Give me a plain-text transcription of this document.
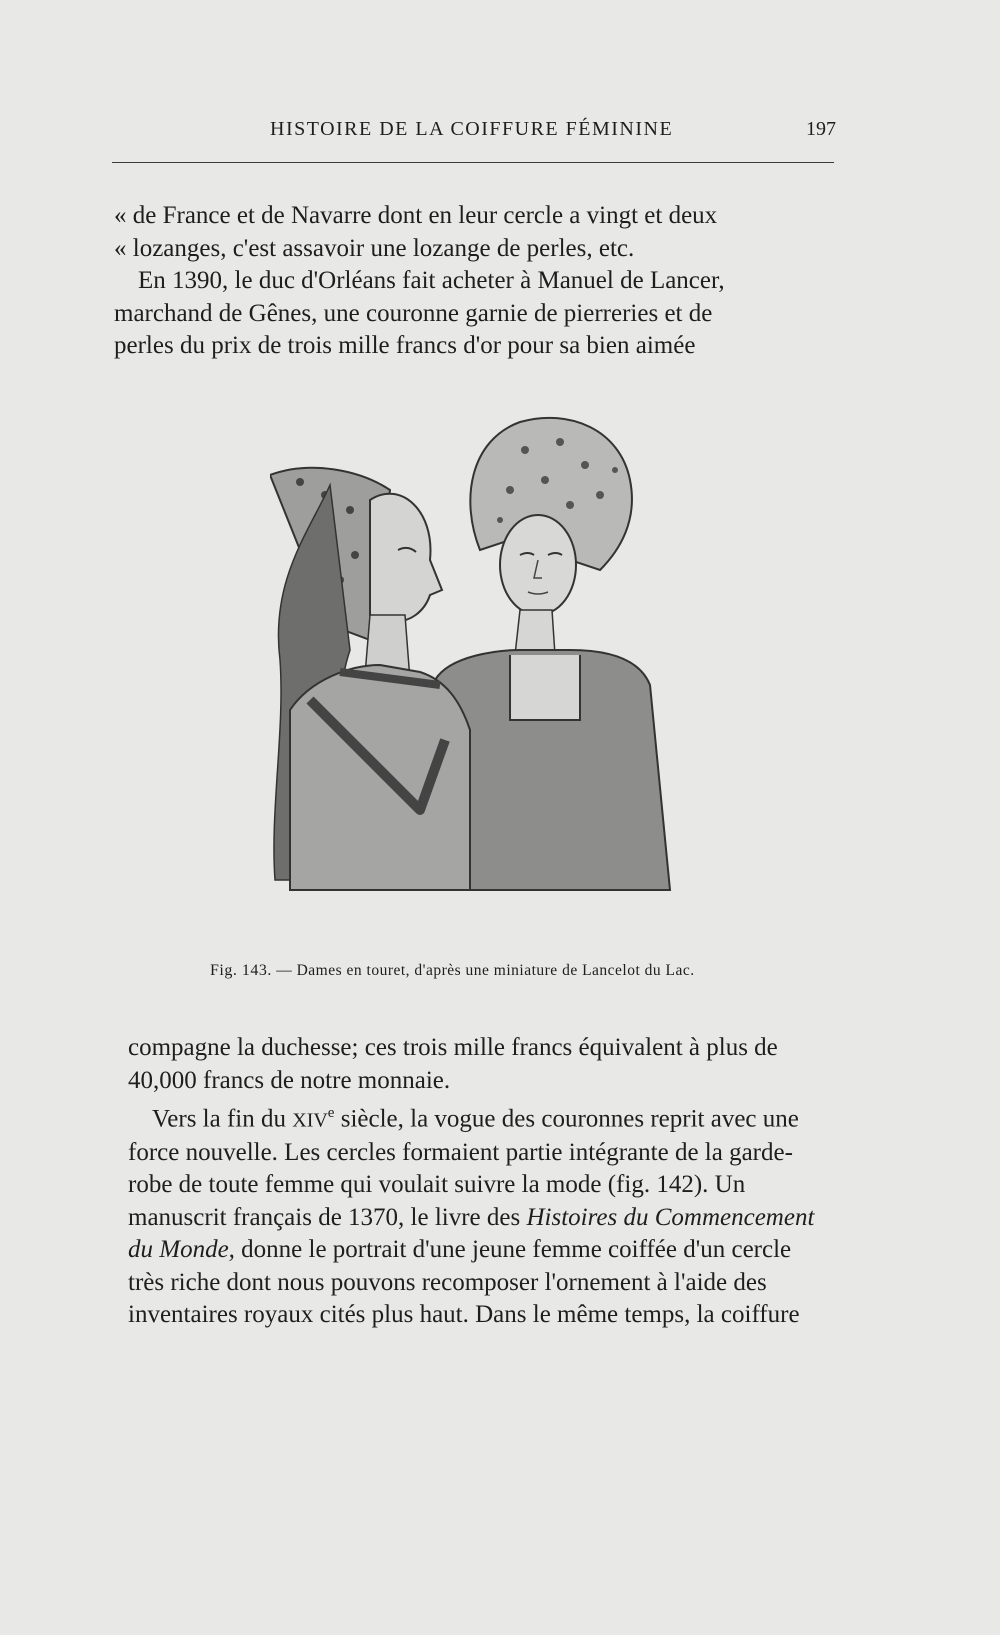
HISTOIRE DE LA COIFFURE FÉMININE	197
« de France et de Navarre dont en leur cercle a vingt et deux
« lozanges, c'est assavoir une lozange de perles, etc.
En 1390, le duc d'Orléans fait acheter à Manuel de Lancer,
marchand de Gênes, une couronne garnie de pierreries et de
perles du prix de trois mille francs d'or pour sa bien aimée
Fig. 143. — Dames en touret, d'après une miniature de Lancelot du Lac.
compagne la duchesse; ces trois mille francs équivalent à plus de
40,000 francs de notre monnaie.
Vers la fin du XIVe siècle, la vogue des couronnes reprit avec une
force nouvelle. Les cercles formaient partie intégrante de la garde-
robe de toute femme qui voulait suivre la mode (fig. 142). Un
manuscrit français de 1370, le livre des Histoires du Commencement
du Monde, donne le portrait d'une jeune femme coiffée d'un cercle
très riche dont nous pouvons recomposer l'ornement à l'aide des
inventaires royaux cités plus haut. Dans le même temps, la coiffure
